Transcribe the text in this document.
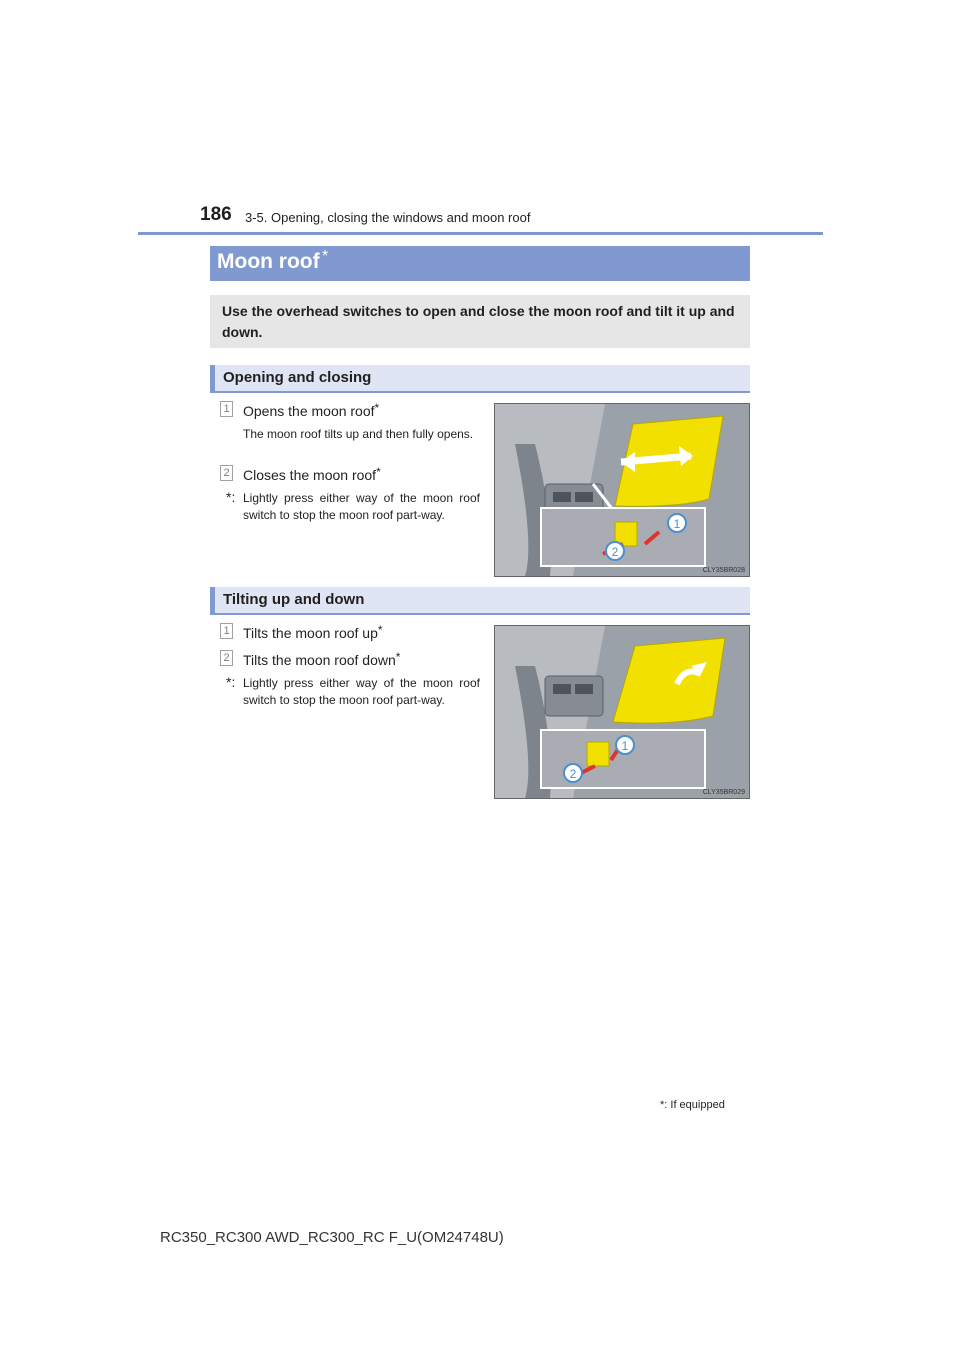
186 3-5. Opening, closing the windows and moon roof
Moon roof *
Use the overhead switches to open and close the moon roof and tilt it up and down.
Opening and closing
1 Opens the moon roof*
The moon roof tilts up and then fully opens.
2 Closes the moon roof*
*: Lightly press either way of the moon roof switch to stop the moon roof part-way.
1
2
CLY35BR028
Tilting up and down
1 Tilts the moon roof up*
2 Tilts the moon roof down*
*: Lightly press either way of the moon roof switch to stop the moon roof part-way.
1
2
CLY35BR029
*: If equipped
RC350_RC300 AWD_RC300_RC F_U(OM24748U)
